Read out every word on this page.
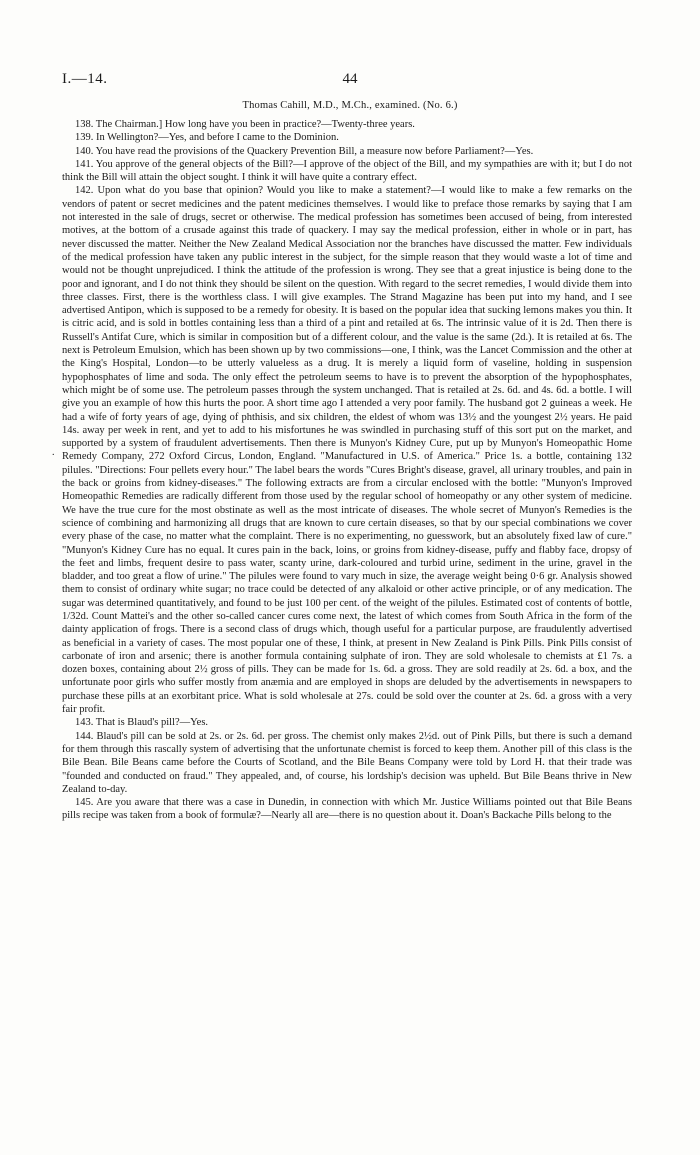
I.—14.	44
Thomas Cahill, M.D., M.Ch., examined. (No. 6.)
.

138. The Chairman.] How long have you been in practice?—Twenty-three years.

139. In Wellington?—Yes, and before I came to the Dominion.

140. You have read the provisions of the Quackery Prevention Bill, a measure now before Parliament?—Yes.

141. You approve of the general objects of the Bill?—I approve of the object of the Bill, and my sympathies are with it; but I do not think the Bill will attain the object sought. I think it will have quite a contrary effect.

142. Upon what do you base that opinion? Would you like to make a statement?—I would like to make a few remarks on the vendors of patent or secret medicines and the patent medicines themselves. I would like to preface those remarks by saying that I am not interested in the sale of drugs, secret or otherwise. The medical profession has sometimes been accused of being, from interested motives, at the bottom of a crusade against this trade of quackery. I may say the medical profession, either in whole or in part, has never discussed the matter. Neither the New Zealand Medical Association nor the branches have discussed the matter. Few individuals of the medical profession have taken any public interest in the subject, for the simple reason that they would waste a lot of time and would not be thought unprejudiced. I think the attitude of the profession is wrong. They see that a great injustice is being done to the poor and ignorant, and I do not think they should be silent on the question. With regard to the secret remedies, I would divide them into three classes. First, there is the worthless class. I will give examples. The Strand Magazine has been put into my hand, and I see advertised Antipon, which is supposed to be a remedy for obesity. It is based on the popular idea that sucking lemons makes you thin. It is citric acid, and is sold in bottles containing less than a third of a pint and retailed at 6s. The intrinsic value of it is 2d. Then there is Russell's Antifat Cure, which is similar in composition but of a different colour, and the value is the same (2d.). It is retailed at 6s. The next is Petroleum Emulsion, which has been shown up by two commissions—one, I think, was the Lancet Commission and the other at the King's Hospital, London—to be utterly valueless as a drug. It is merely a liquid form of vaseline, holding in suspension hypophosphates of lime and soda. The only effect the petroleum seems to have is to prevent the absorption of the hypophosphates, which might be of some use. The petroleum passes through the system unchanged. That is retailed at 2s. 6d. and 4s. 6d. a bottle. I will give you an example of how this hurts the poor. A short time ago I attended a very poor family. The husband got 2 guineas a week. He had a wife of forty years of age, dying of phthisis, and six children, the eldest of whom was 13½ and the youngest 2½ years. He paid 14s. away per week in rent, and yet to add to his misfortunes he was swindled in purchasing stuff of this sort put on the market, and supported by a system of fraudulent advertisements. Then there is Munyon's Kidney Cure, put up by Munyon's Homeopathic Home Remedy Company, 272 Oxford Circus, London, England. "Manufactured in U.S. of America." Price 1s. a bottle, containing 132 pilules. "Directions: Four pellets every hour." The label bears the words "Cures Bright's disease, gravel, all urinary troubles, and pain in the back or groins from kidney-diseases." The following extracts are from a circular enclosed with the bottle: "Munyon's Improved Homeopathic Remedies are radically different from those used by the regular school of homeopathy or any other system of medicine. We have the true cure for the most obstinate as well as the most intricate of diseases. The whole secret of Munyon's Remedies is the science of combining and harmonizing all drugs that are known to cure certain diseases, so that by our special combinations we cover every phase of the case, no matter what the complaint. There is no experimenting, no guesswork, but an absolutely fixed law of cure." "Munyon's Kidney Cure has no equal. It cures pain in the back, loins, or groins from kidney-disease, puffy and flabby face, dropsy of the feet and limbs, frequent desire to pass water, scanty urine, dark-coloured and turbid urine, sediment in the urine, gravel in the bladder, and too great a flow of urine." The pilules were found to vary much in size, the average weight being 0·6 gr. Analysis showed them to consist of ordinary white sugar; no trace could be detected of any alkaloid or other active principle, or of any medication. The sugar was determined quantitatively, and found to be just 100 per cent. of the weight of the pilules. Estimated cost of contents of bottle, 1/32d. Count Mattei's and the other so-called cancer cures come next, the latest of which comes from South Africa in the form of the dainty application of frogs. There is a second class of drugs which, though useful for a particular purpose, are fraudulently advertised as beneficial in a variety of cases. The most popular one of these, I think, at present in New Zealand is Pink Pills. Pink Pills consist of carbonate of iron and arsenic; there is another formula containing sulphate of iron. They are sold wholesale to chemists at £1 7s. a dozen boxes, containing about 2½ gross of pills. They can be made for 1s. 6d. a gross. They are sold readily at 2s. 6d. a box, and the unfortunate poor girls who suffer mostly from anæmia and are employed in shops are deluded by the advertisements in newspapers to purchase these pills at an exorbitant price. What is sold wholesale at 27s. could be sold over the counter at 2s. 6d. a gross with a very fair profit.

143. That is Blaud's pill?—Yes.

144. Blaud's pill can be sold at 2s. or 2s. 6d. per gross. The chemist only makes 2½d. out of Pink Pills, but there is such a demand for them through this rascally system of advertising that the unfortunate chemist is forced to keep them. Another pill of this class is the Bile Bean. Bile Beans came before the Courts of Scotland, and the Bile Beans Company were told by Lord H. that their trade was "founded and conducted on fraud." They appealed, and, of course, his lordship's decision was upheld. But Bile Beans thrive in New Zealand to-day.

145. Are you aware that there was a case in Dunedin, in connection with which Mr. Justice Williams pointed out that Bile Beans pills recipe was taken from a book of formulæ?—Nearly all are—there is no question about it. Doan's Backache Pills belong to the
